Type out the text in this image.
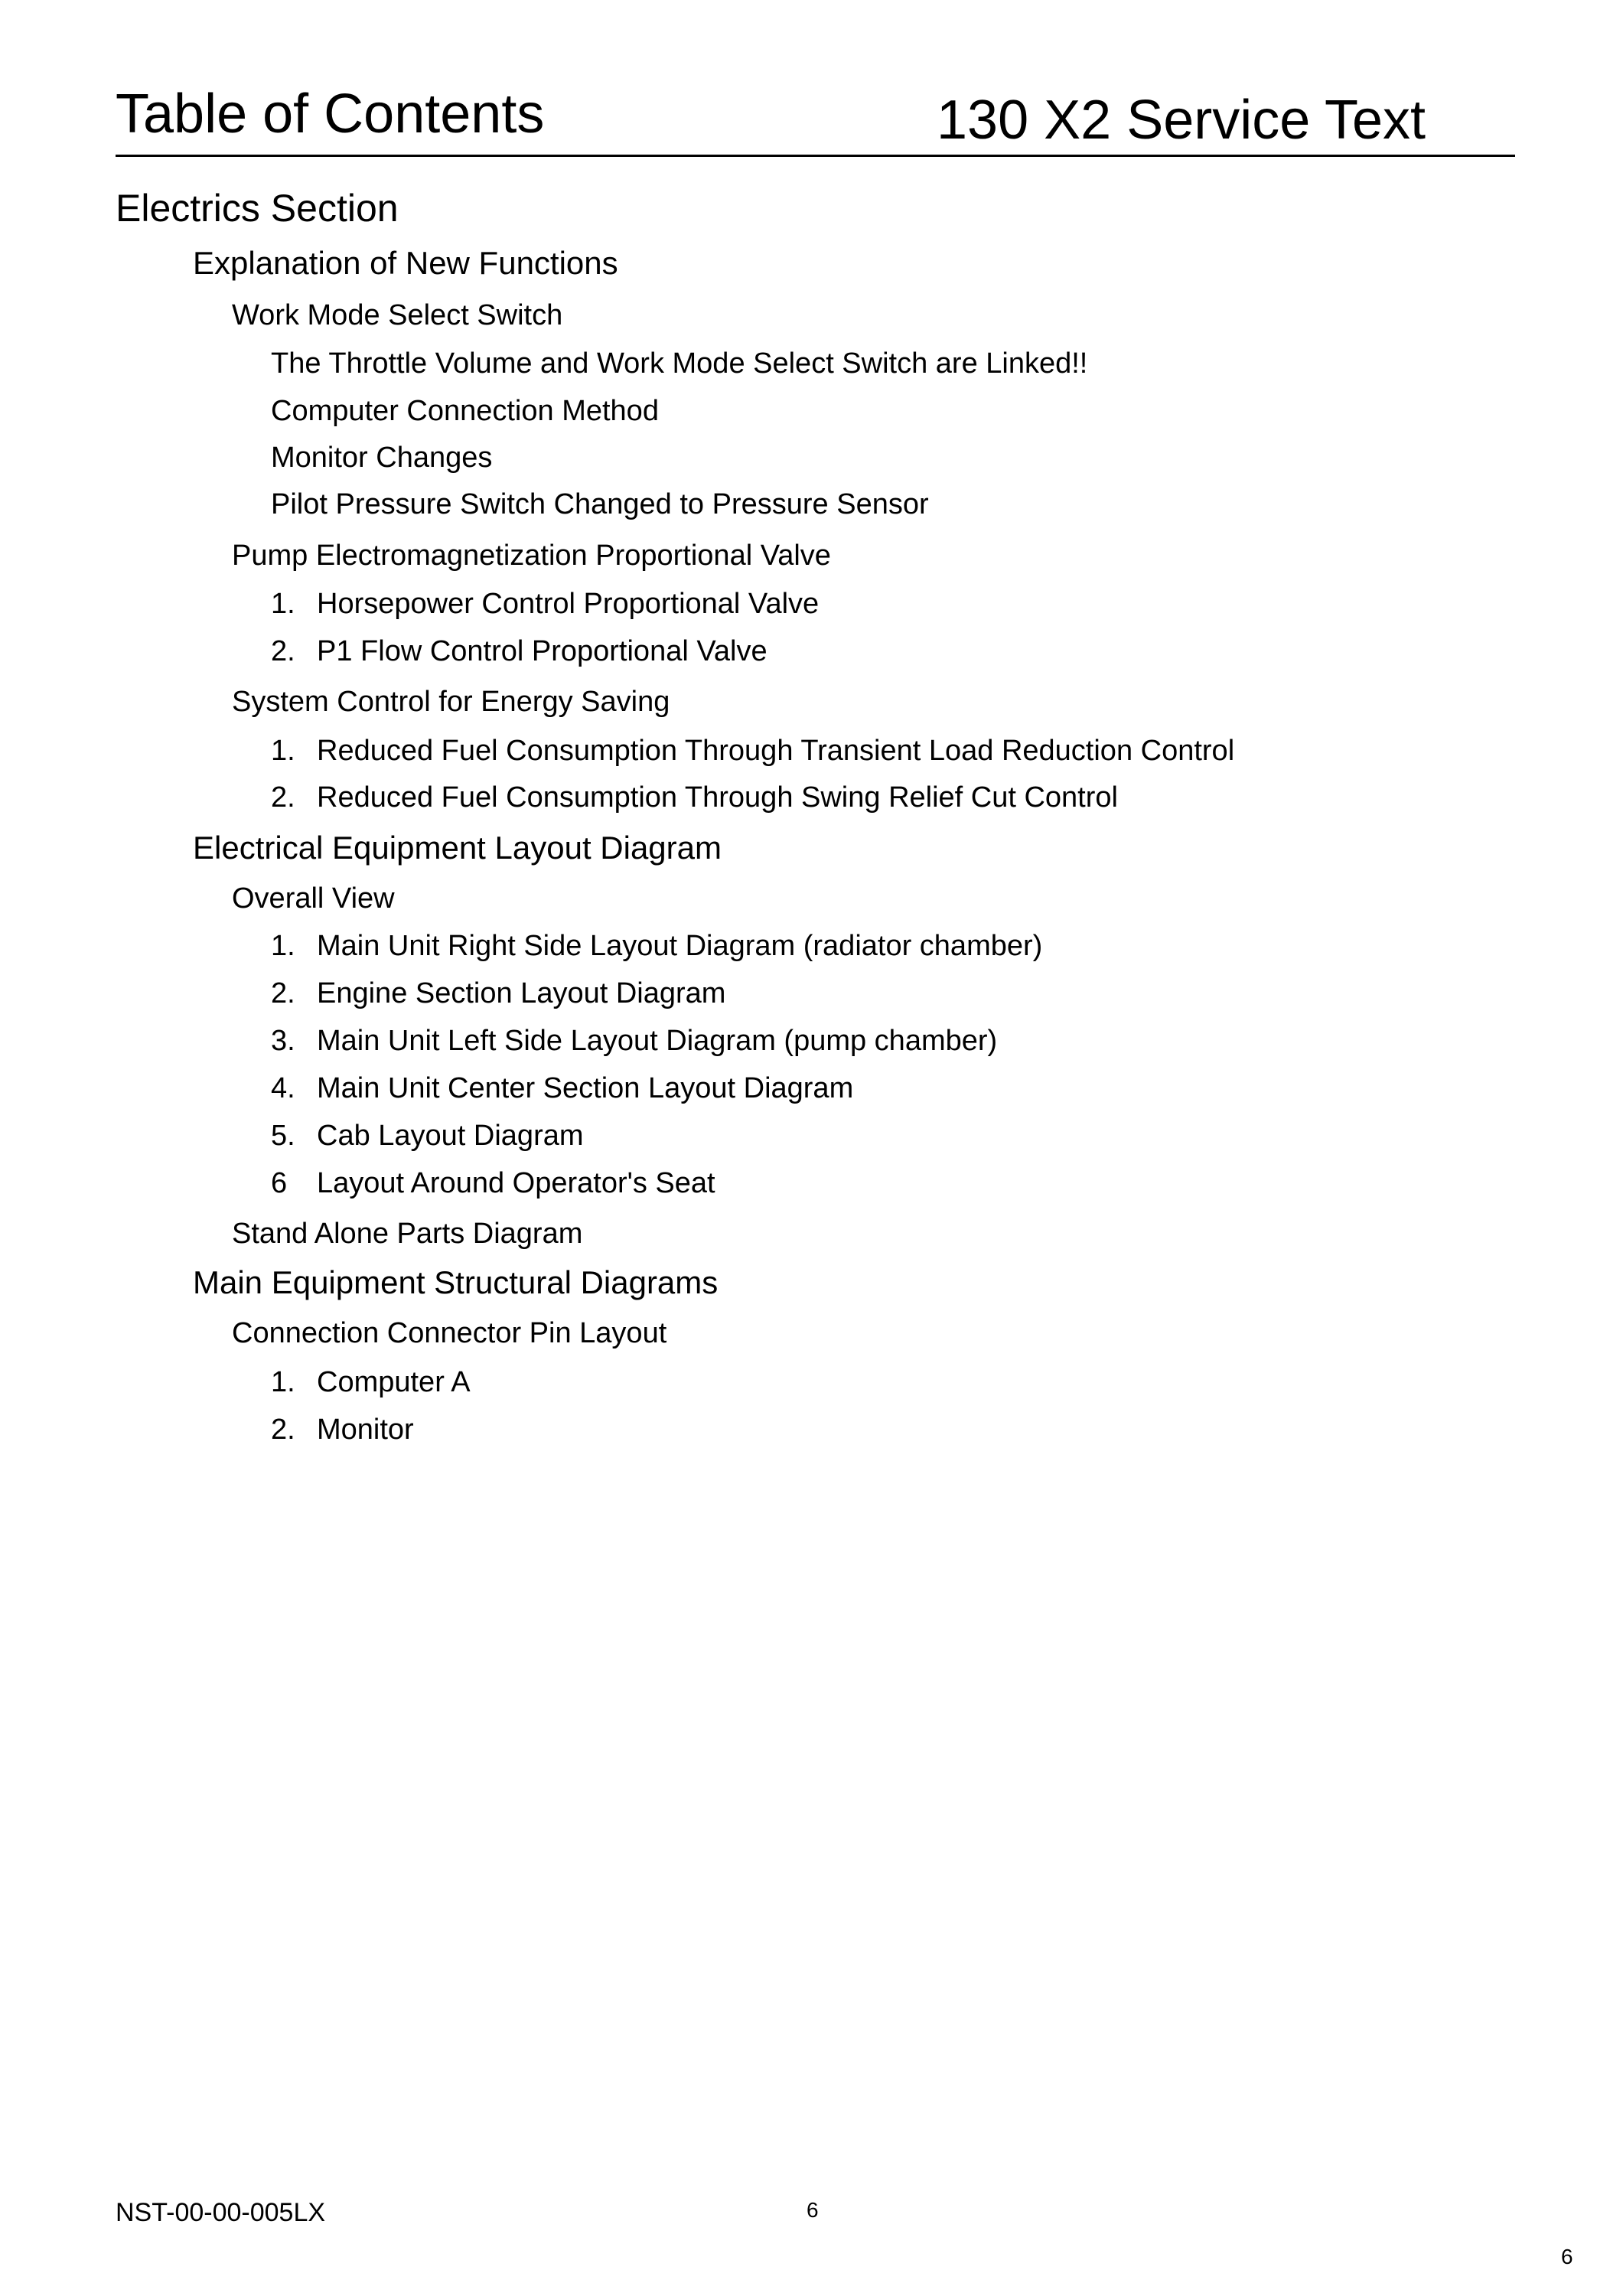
Table of Contents	130 X2 Service Text
Electrics Section
Explanation of New Functions
Work Mode Select Switch
The Throttle Volume and Work Mode Select Switch are Linked!!
Computer Connection Method
Monitor Changes
Pilot Pressure Switch Changed to Pressure Sensor
Pump Electromagnetization Proportional Valve
1. Horsepower Control Proportional Valve
2. P1 Flow Control Proportional Valve
System Control for Energy Saving
1. Reduced Fuel Consumption Through Transient Load Reduction Control
2. Reduced Fuel Consumption Through Swing Relief Cut Control
Electrical Equipment Layout Diagram
Overall View
1. Main Unit Right Side Layout Diagram (radiator chamber)
2. Engine Section Layout Diagram
3. Main Unit Left Side Layout Diagram (pump chamber)
4. Main Unit Center Section Layout Diagram
5. Cab Layout Diagram
6 Layout Around Operator's Seat
Stand Alone Parts Diagram
Main Equipment Structural Diagrams
Connection Connector Pin Layout
1. Computer A
2. Monitor
NST-00-00-005LX	6
6
